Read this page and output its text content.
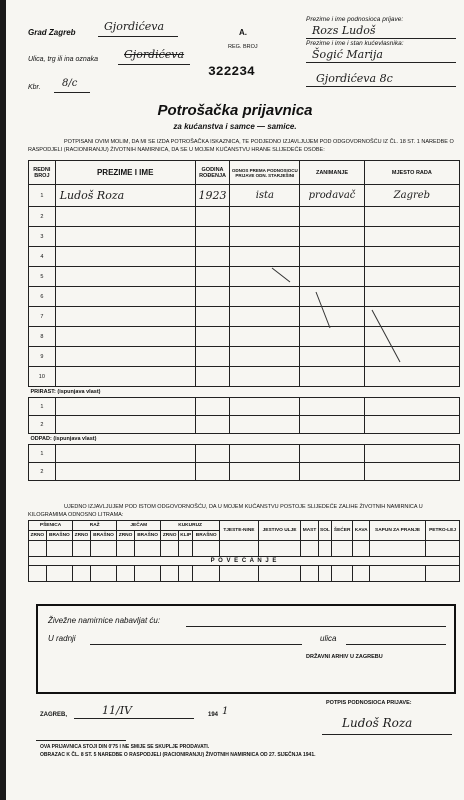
Grad Zagreb	Gjordićeva
Ulica, trg ili ina oznaka Gjordićeva
Kbr. 8/c
A.
REG. BROJ
322234
Prezime i ime podnosioca prijave:
Rozs Ludoš
Prezime i ime i stan kućevlasnika:
Šogić Marija
Gjordićeva 8c
Potrošačka prijavnica
za kućanstva i samce — samice.
POTPISANI OVIM MOLIM, DA MI SE IZDA POTROŠAČKA ISKAZNICA, TE PODJEDNO IZJAVLJUJEM POD ODGOVORNOŠĆU IZ ČL. 18 ST. 1 NAREDBE O RASPODJELI (RACIONIRANJU) ŽIVOTNIH NAMIRNICA, DA SE U MOJEM KUĆANSTVU HRANE SLIJEDEĆE OSOBE:
REDNI BROJ	PREZIME I IME	GODINA ROĐENJA	ODNOS PREMA PODNOSIOCU PRIJAVE ODN. STARJEŠINI	ZANIMANJE	MJESTO RADA
1	Ludoš Roza	1923	ista	prodavač	Zagreb
2					
3					
4					
5					
6					
7					
8					
9					
10					
PRIRAST: (ispunjava vlast)					
1					
2					
ODPAD: (ispunjava vlast)					
1					
2					
UJEDNO IZJAVLJUJEM POD ISTOM ODGOVORNOŠĆU, DA U MOJEM KUĆANSTVU POSTOJE SLIJEDEĆE ZALIHE ŽIVOTNIH NAMIRNICA U KILOGRAMIMA ODNOSNO LITRAMA:
PŠENICA		RAŽ		JEČAM		KUKURUZ			TJESTE-NINE	JESTIVO ULJE	MAST	SOL	ŠEĆER	KAVA	SAPUN ZA PRANJE	PETRO-LEJ
ZRNO	BRAŠNO	ZRNO	BRAŠNO	ZRNO	BRAŠNO	ZRNO	KLIP	BRAŠNO								

P O V E Ć A N J E																

Živežne namirnice nabavljat ću:
U radnji	ulica
DRŽAVNI ARHIV U ZAGREBU
ZAGREB,	11/IV	194 1
POTPIS PODNOSIOCA PRIJAVE:
Ludoš Roza
OVA PRIJAVNICA STOJI DIN 0'75 I NE SMIJE SE SKUPLJE PRODAVATI.
OBRAZAC K ČL. 8 ST. 5 NAREDBE O RASPODJELI (RACIONIRANJU) ŽIVOTNIH NAMIRNICA OD 27. SIJEČNJA 1941.
